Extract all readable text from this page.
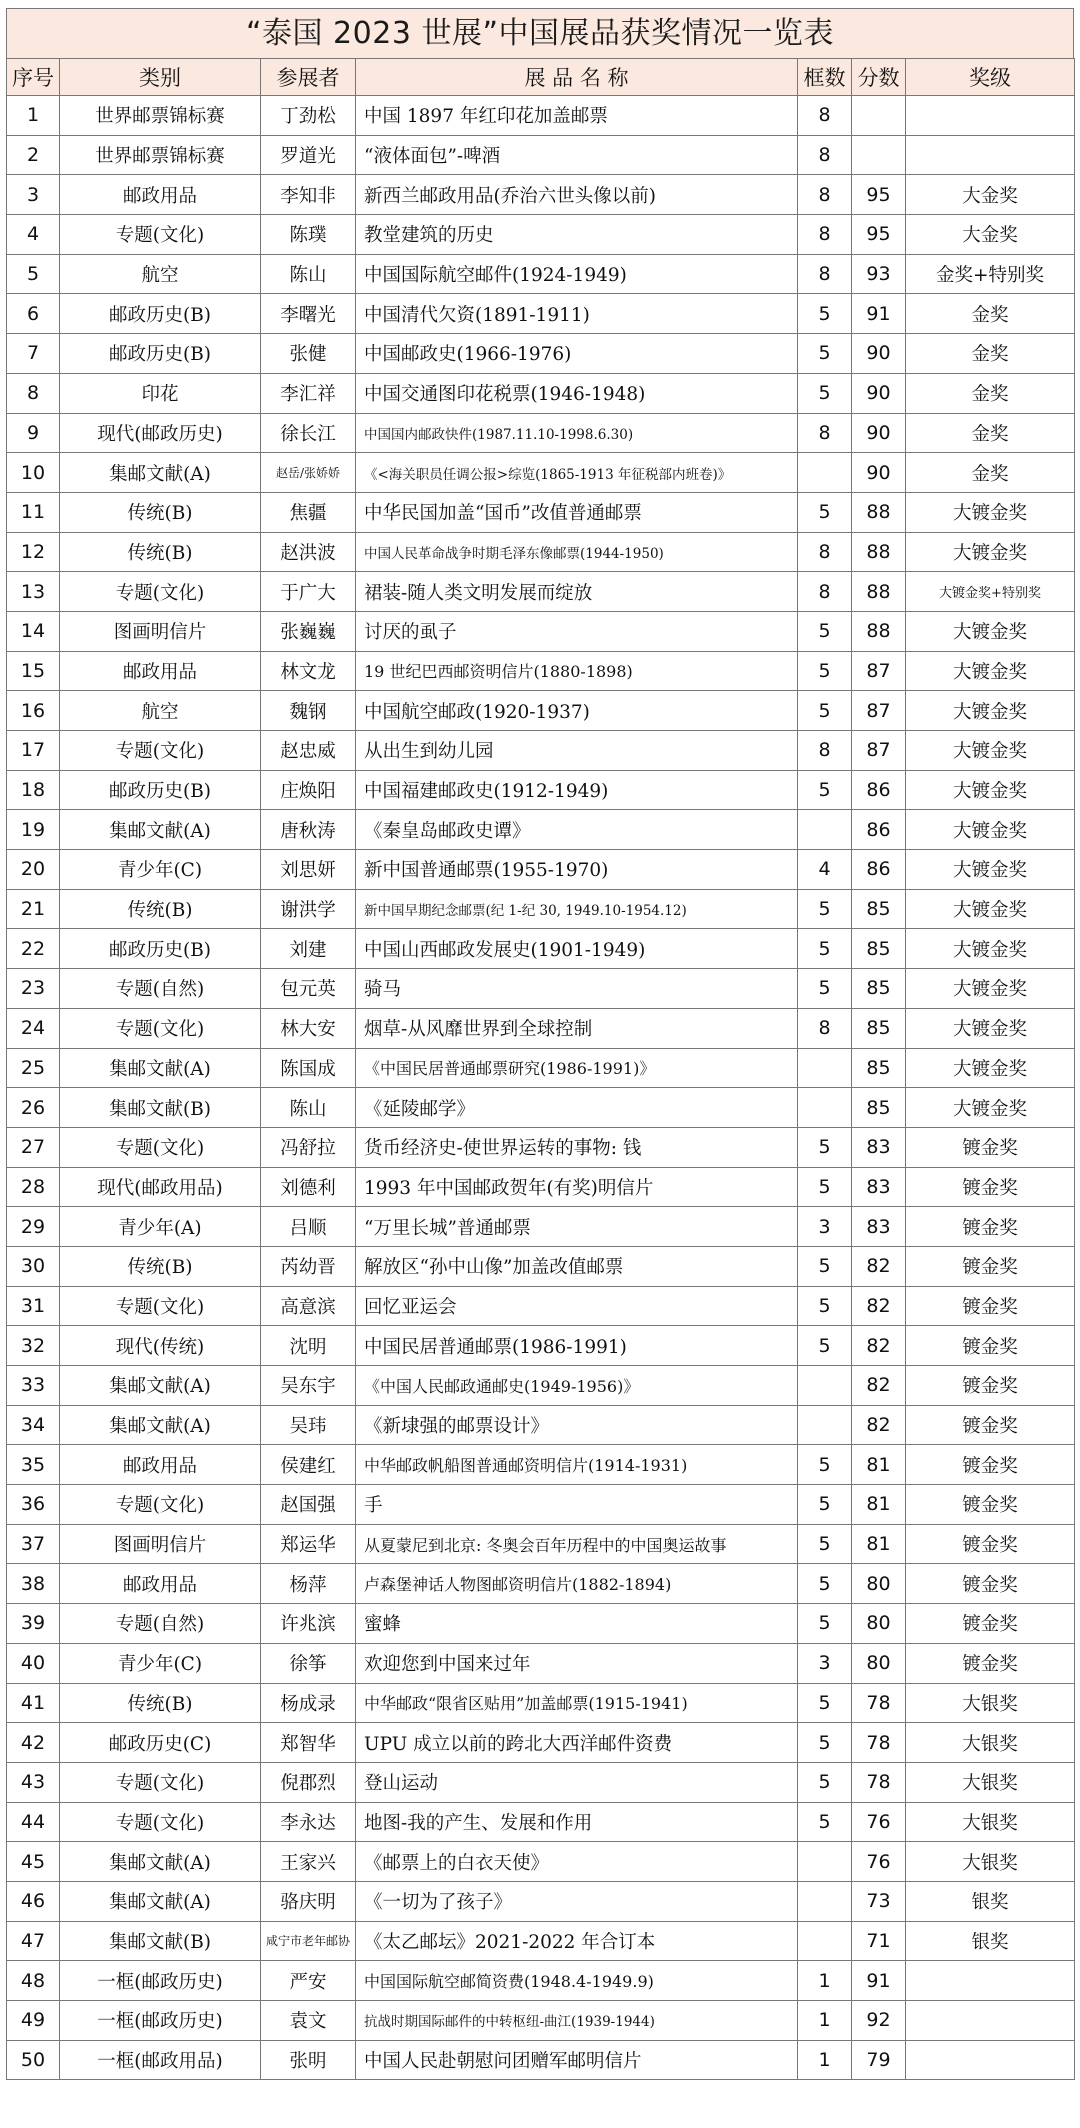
“泰国 2023 世展”中国展品获奖情况一览表
序号	类别	参展者	展 品 名 称	框数	分数	奖级
1	世界邮票锦标赛	丁劲松	中国 1897 年红印花加盖邮票	8		
2	世界邮票锦标赛	罗道光	“液体面包”-啤酒	8		
3	邮政用品	李知非	新西兰邮政用品(乔治六世头像以前)	8	95	大金奖
4	专题(文化)	陈璞	教堂建筑的历史	8	95	大金奖
5	航空	陈山	中国国际航空邮件(1924-1949)	8	93	金奖+特别奖
6	邮政历史(B)	李曙光	中国清代欠资(1891-1911)	5	91	金奖
7	邮政历史(B)	张健	中国邮政史(1966-1976)	5	90	金奖
8	印花	李汇祥	中国交通图印花税票(1946-1948)	5	90	金奖
9	现代(邮政历史)	徐长江	中国国内邮政快件(1987.11.10-1998.6.30)	8	90	金奖
10	集邮文献(A)	赵岳/张娇娇	《<海关职员任调公报>综览(1865-1913 年征税部内班卷)》		90	金奖
11	传统(B)	焦疆	中华民国加盖“国币”改值普通邮票	5	88	大镀金奖
12	传统(B)	赵洪波	中国人民革命战争时期毛泽东像邮票(1944-1950)	8	88	大镀金奖
13	专题(文化)	于广大	裙装-随人类文明发展而绽放	8	88	大镀金奖+特别奖
14	图画明信片	张巍巍	讨厌的虱子	5	88	大镀金奖
15	邮政用品	林文龙	19 世纪巴西邮资明信片(1880-1898)	5	87	大镀金奖
16	航空	魏钢	中国航空邮政(1920-1937)	5	87	大镀金奖
17	专题(文化)	赵忠威	从出生到幼儿园	8	87	大镀金奖
18	邮政历史(B)	庄焕阳	中国福建邮政史(1912-1949)	5	86	大镀金奖
19	集邮文献(A)	唐秋涛	《秦皇岛邮政史谭》		86	大镀金奖
20	青少年(C)	刘思妍	新中国普通邮票(1955-1970)	4	86	大镀金奖
21	传统(B)	谢洪学	新中国早期纪念邮票(纪 1-纪 30, 1949.10-1954.12)	5	85	大镀金奖
22	邮政历史(B)	刘建	中国山西邮政发展史(1901-1949)	5	85	大镀金奖
23	专题(自然)	包元英	骑马	5	85	大镀金奖
24	专题(文化)	林大安	烟草-从风靡世界到全球控制	8	85	大镀金奖
25	集邮文献(A)	陈国成	《中国民居普通邮票研究(1986-1991)》		85	大镀金奖
26	集邮文献(B)	陈山	《延陵邮学》		85	大镀金奖
27	专题(文化)	冯舒拉	货币经济史-使世界运转的事物: 钱	5	83	镀金奖
28	现代(邮政用品)	刘德利	1993 年中国邮政贺年(有奖)明信片	5	83	镀金奖
29	青少年(A)	吕顺	“万里长城”普通邮票	3	83	镀金奖
30	传统(B)	芮幼晋	解放区“孙中山像”加盖改值邮票	5	82	镀金奖
31	专题(文化)	高意滨	回忆亚运会	5	82	镀金奖
32	现代(传统)	沈明	中国民居普通邮票(1986-1991)	5	82	镀金奖
33	集邮文献(A)	吴东宇	《中国人民邮政通邮史(1949-1956)》		82	镀金奖
34	集邮文献(A)	吴玮	《新埭强的邮票设计》		82	镀金奖
35	邮政用品	侯建红	中华邮政帆船图普通邮资明信片(1914-1931)	5	81	镀金奖
36	专题(文化)	赵国强	手	5	81	镀金奖
37	图画明信片	郑运华	从夏蒙尼到北京: 冬奥会百年历程中的中国奥运故事	5	81	镀金奖
38	邮政用品	杨萍	卢森堡神话人物图邮资明信片(1882-1894)	5	80	镀金奖
39	专题(自然)	许兆滨	蜜蜂	5	80	镀金奖
40	青少年(C)	徐筝	欢迎您到中国来过年	3	80	镀金奖
41	传统(B)	杨成录	中华邮政“限省区贴用”加盖邮票(1915-1941)	5	78	大银奖
42	邮政历史(C)	郑智华	UPU 成立以前的跨北大西洋邮件资费	5	78	大银奖
43	专题(文化)	倪郡烈	登山运动	5	78	大银奖
44	专题(文化)	李永达	地图-我的产生、发展和作用	5	76	大银奖
45	集邮文献(A)	王家兴	《邮票上的白衣天使》		76	大银奖
46	集邮文献(A)	骆庆明	《一切为了孩子》		73	银奖
47	集邮文献(B)	咸宁市老年邮协	《太乙邮坛》2021-2022 年合订本		71	银奖
48	一框(邮政历史)	严安	中国国际航空邮简资费(1948.4-1949.9)	1	91	
49	一框(邮政历史)	袁文	抗战时期国际邮件的中转枢纽-曲江(1939-1944)	1	92	
50	一框(邮政用品)	张明	中国人民赴朝慰问团赠军邮明信片	1	79	
